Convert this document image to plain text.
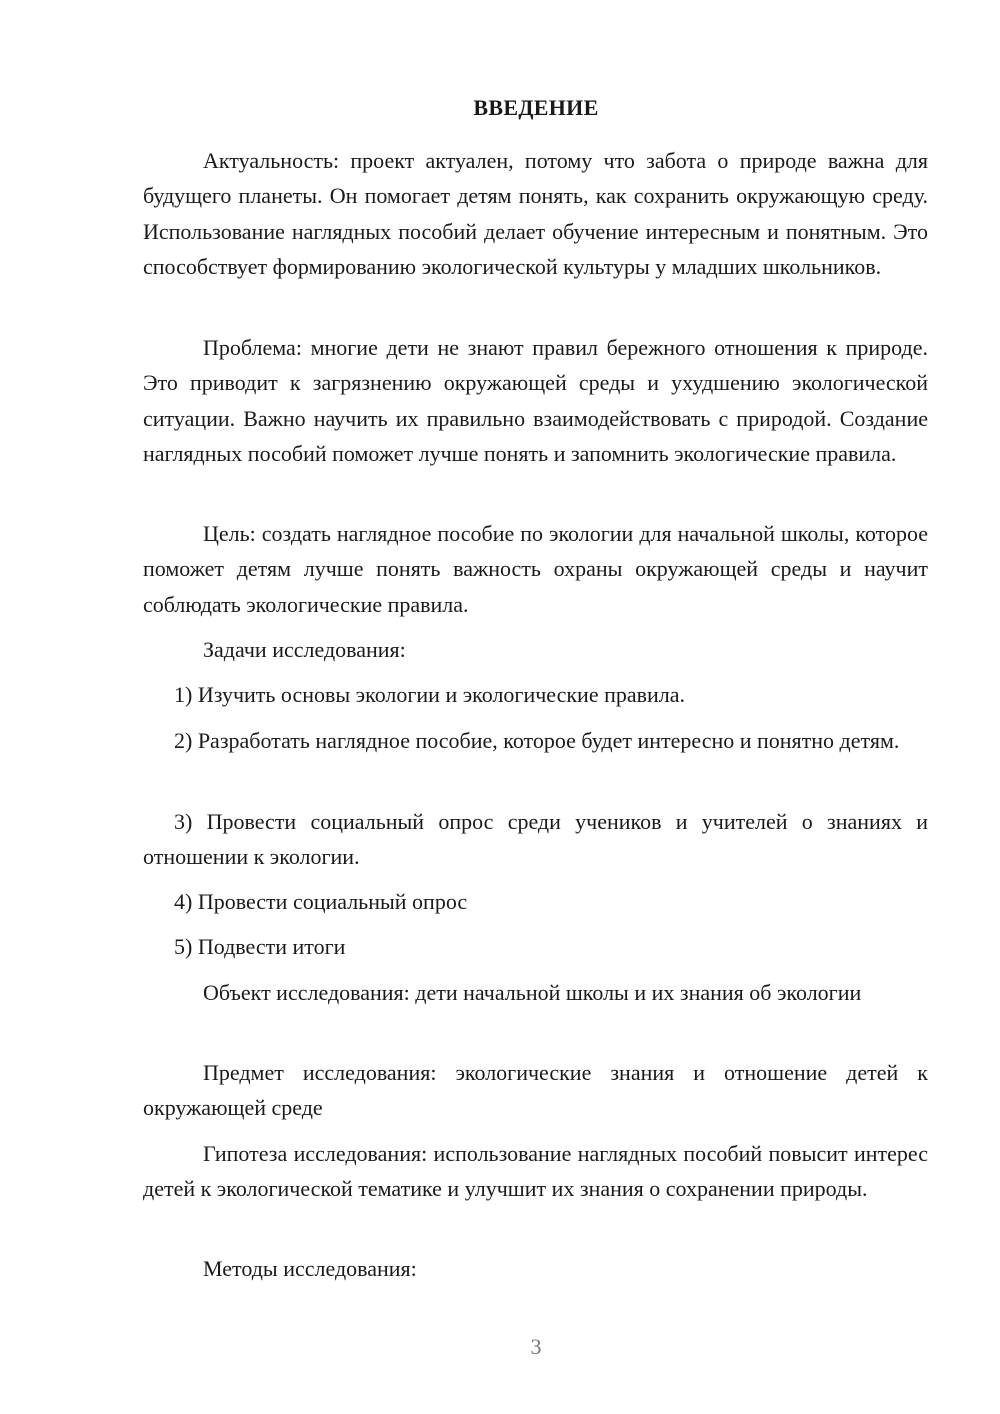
ВВЕДЕНИЕ

Актуальность: проект актуален, потому что забота о природе важна для будущего планеты. Он помогает детям понять, как сохранить окружающую среду. Использование наглядных пособий делает обучение интересным и понятным. Это способствует формированию экологической культуры у младших школьников.

Проблема: многие дети не знают правил бережного отношения к природе. Это приводит к загрязнению окружающей среды и ухудшению экологической ситуации. Важно научить их правильно взаимодействовать с природой. Создание наглядных пособий поможет лучше понять и запомнить экологические правила.

Цель: создать наглядное пособие по экологии для начальной школы, которое поможет детям лучше понять важность охраны окружающей среды и научит соблюдать экологические правила.

Задачи исследования:

1) Изучить основы экологии и экологические правила.

2) Разработать наглядное пособие, которое будет интересно и понятно детям.

3) Провести социальный опрос среди учеников и учителей о знаниях и отношении к экологии.

4) Провести социальный опрос

5) Подвести итоги

Объект исследования: дети начальной школы и их знания об экологии

Предмет исследования: экологические знания и отношение детей к окружающей среде

Гипотеза исследования: использование наглядных пособий повысит интерес детей к экологической тематике и улучшит их знания о сохранении природы.

Методы исследования:

3
